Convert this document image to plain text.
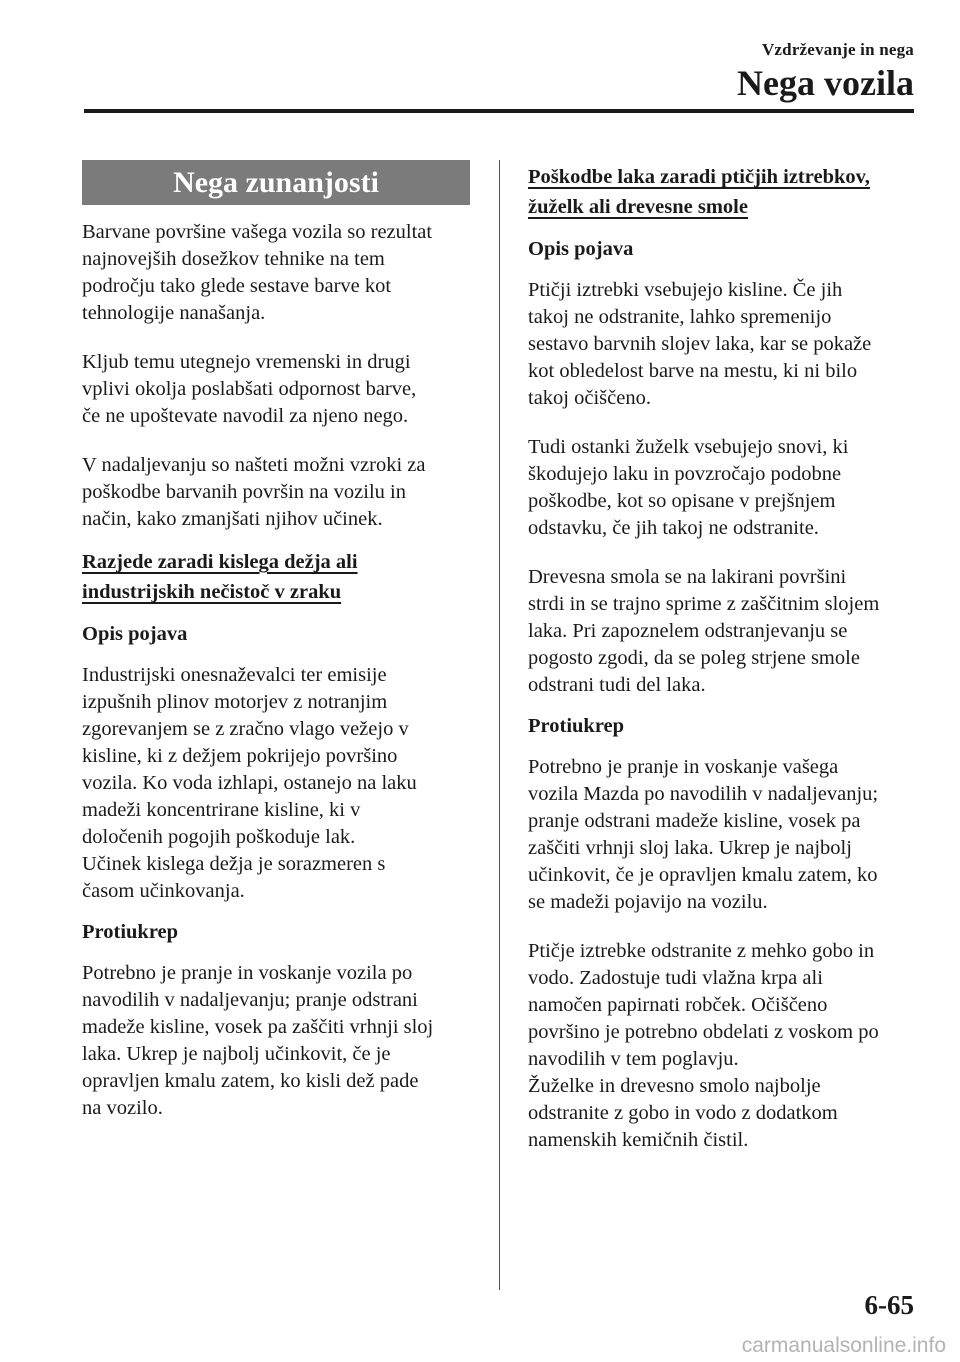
Vzdrževanje in nega
Nega vozila
Nega zunanjosti

Barvane površine vašega vozila so rezultat
najnovejših dosežkov tehnike na tem
področju tako glede sestave barve kot
tehnologije nanašanja.

Kljub temu utegnejo vremenski in drugi
vplivi okolja poslabšati odpornost barve,
če ne upoštevate navodil za njeno nego.

V nadaljevanju so našteti možni vzroki za
poškodbe barvanih površin na vozilu in
način, kako zmanjšati njihov učinek.

Razjede zaradi kislega dežja ali
industrijskih nečistoč v zraku
Opis pojava

Industrijski onesnaževalci ter emisije
izpušnih plinov motorjev z notranjim
zgorevanjem se z zračno vlago vežejo v
kisline, ki z dežjem pokrijejo površino
vozila. Ko voda izhlapi, ostanejo na laku
madeži koncentrirane kisline, ki v
določenih pogojih poškoduje lak.
Učinek kislega dežja je sorazmeren s
časom učinkovanja.

Protiukrep

Potrebno je pranje in voskanje vozila po
navodilih v nadaljevanju; pranje odstrani
madeže kisline, vosek pa zaščiti vrhnji sloj
laka. Ukrep je najbolj učinkovit, če je
opravljen kmalu zatem, ko kisli dež pade
na vozilo.

Poškodbe laka zaradi ptičjih iztrebkov,
žuželk ali drevesne smole
Opis pojava

Ptičji iztrebki vsebujejo kisline. Če jih
takoj ne odstranite, lahko spremenijo
sestavo barvnih slojev laka, kar se pokaže
kot obledelost barve na mestu, ki ni bilo
takoj očiščeno.

Tudi ostanki žuželk vsebujejo snovi, ki
škodujejo laku in povzročajo podobne
poškodbe, kot so opisane v prejšnjem
odstavku, če jih takoj ne odstranite.

Drevesna smola se na lakirani površini
strdi in se trajno sprime z zaščitnim slojem
laka. Pri zapoznelem odstranjevanju se
pogosto zgodi, da se poleg strjene smole
odstrani tudi del laka.

Protiukrep

Potrebno je pranje in voskanje vašega
vozila Mazda po navodilih v nadaljevanju;
pranje odstrani madeže kisline, vosek pa
zaščiti vrhnji sloj laka. Ukrep je najbolj
učinkovit, če je opravljen kmalu zatem, ko
se madeži pojavijo na vozilu.

Ptičje iztrebke odstranite z mehko gobo in
vodo. Zadostuje tudi vlažna krpa ali
namočen papirnati robček. Očiščeno
površino je potrebno obdelati z voskom po
navodilih v tem poglavju.
Žuželke in drevesno smolo najbolje
odstranite z gobo in vodo z dodatkom
namenskih kemičnih čistil.

6-65
carmanualsonline.info
